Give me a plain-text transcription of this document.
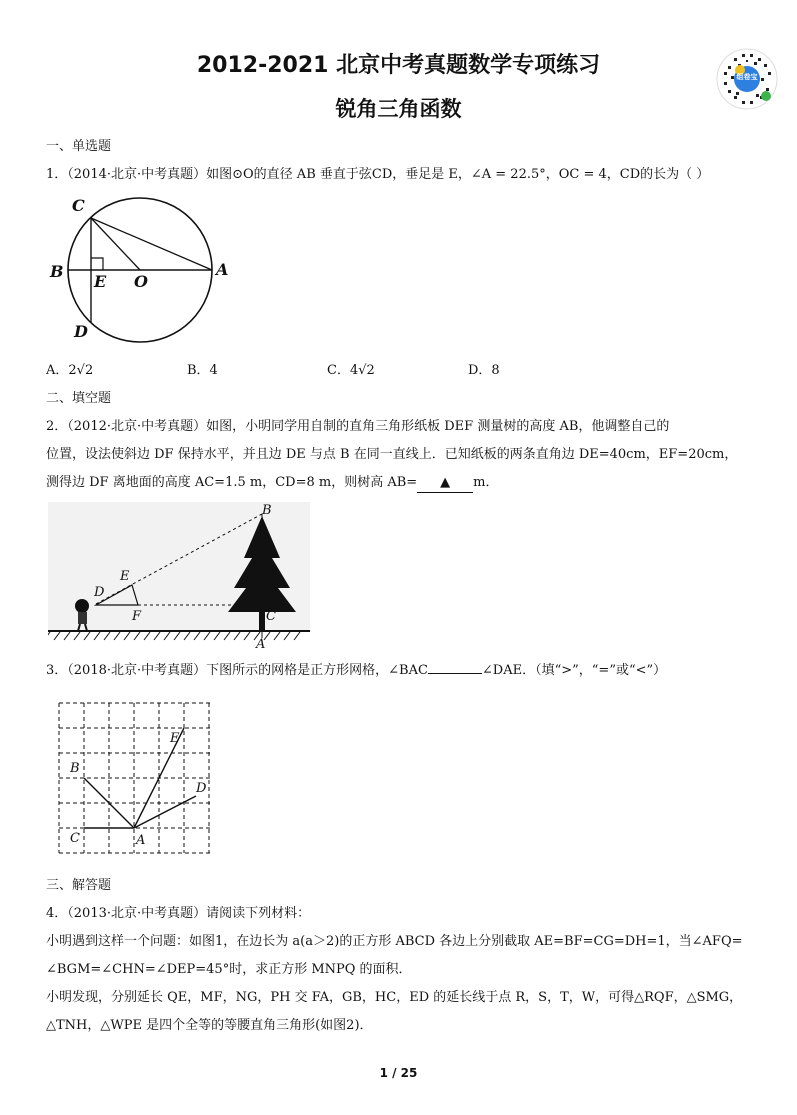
2012-2021 北京中考真题数学专项练习
锐角三角函数
组卷宝
一、单选题
1．（2014·北京·中考真题）如图⊙O的直径 AB 垂直于弦CD，垂足是 E，∠A = 22.5°，OC = 4，CD的长为（ ）
C
B
E O
A
D
A．2√2	B．4	C．4√2	D．8
二、填空题
2．（2012·北京·中考真题）如图，小明同学用自制的直角三角形纸板 DEF 测量树的高度 AB，他调整自己的
位置，设法使斜边 DF 保持水平，并且边 DE 与点 B 在同一直线上．已知纸板的两条直角边 DE=40cm，EF=20cm，
测得边 DF 离地面的高度 AC=1.5 m，CD=8 m，则树高 AB= ▲ m．
B
E
D
F	C
A
3．（2018·北京·中考真题）下图所示的网格是正方形网格，∠BAC	∠DAE．（填“>”，“=”或“<”）
B
E
D
C	A
三、解答题
4．（2013·北京·中考真题）请阅读下列材料：
小明遇到这样一个问题：如图1，在边长为 a(a＞2)的正方形 ABCD 各边上分别截取 AE=BF=CG=DH=1，当∠AFQ=
∠BGM=∠CHN=∠DEP=45°时，求正方形 MNPQ 的面积．
小明发现，分别延长 QE，MF，NG，PH 交 FA，GB，HC，ED 的延长线于点 R，S，T，W，可得△RQF，△SMG，
△TNH，△WPE 是四个全等的等腰直角三角形(如图2)．
1 / 25
